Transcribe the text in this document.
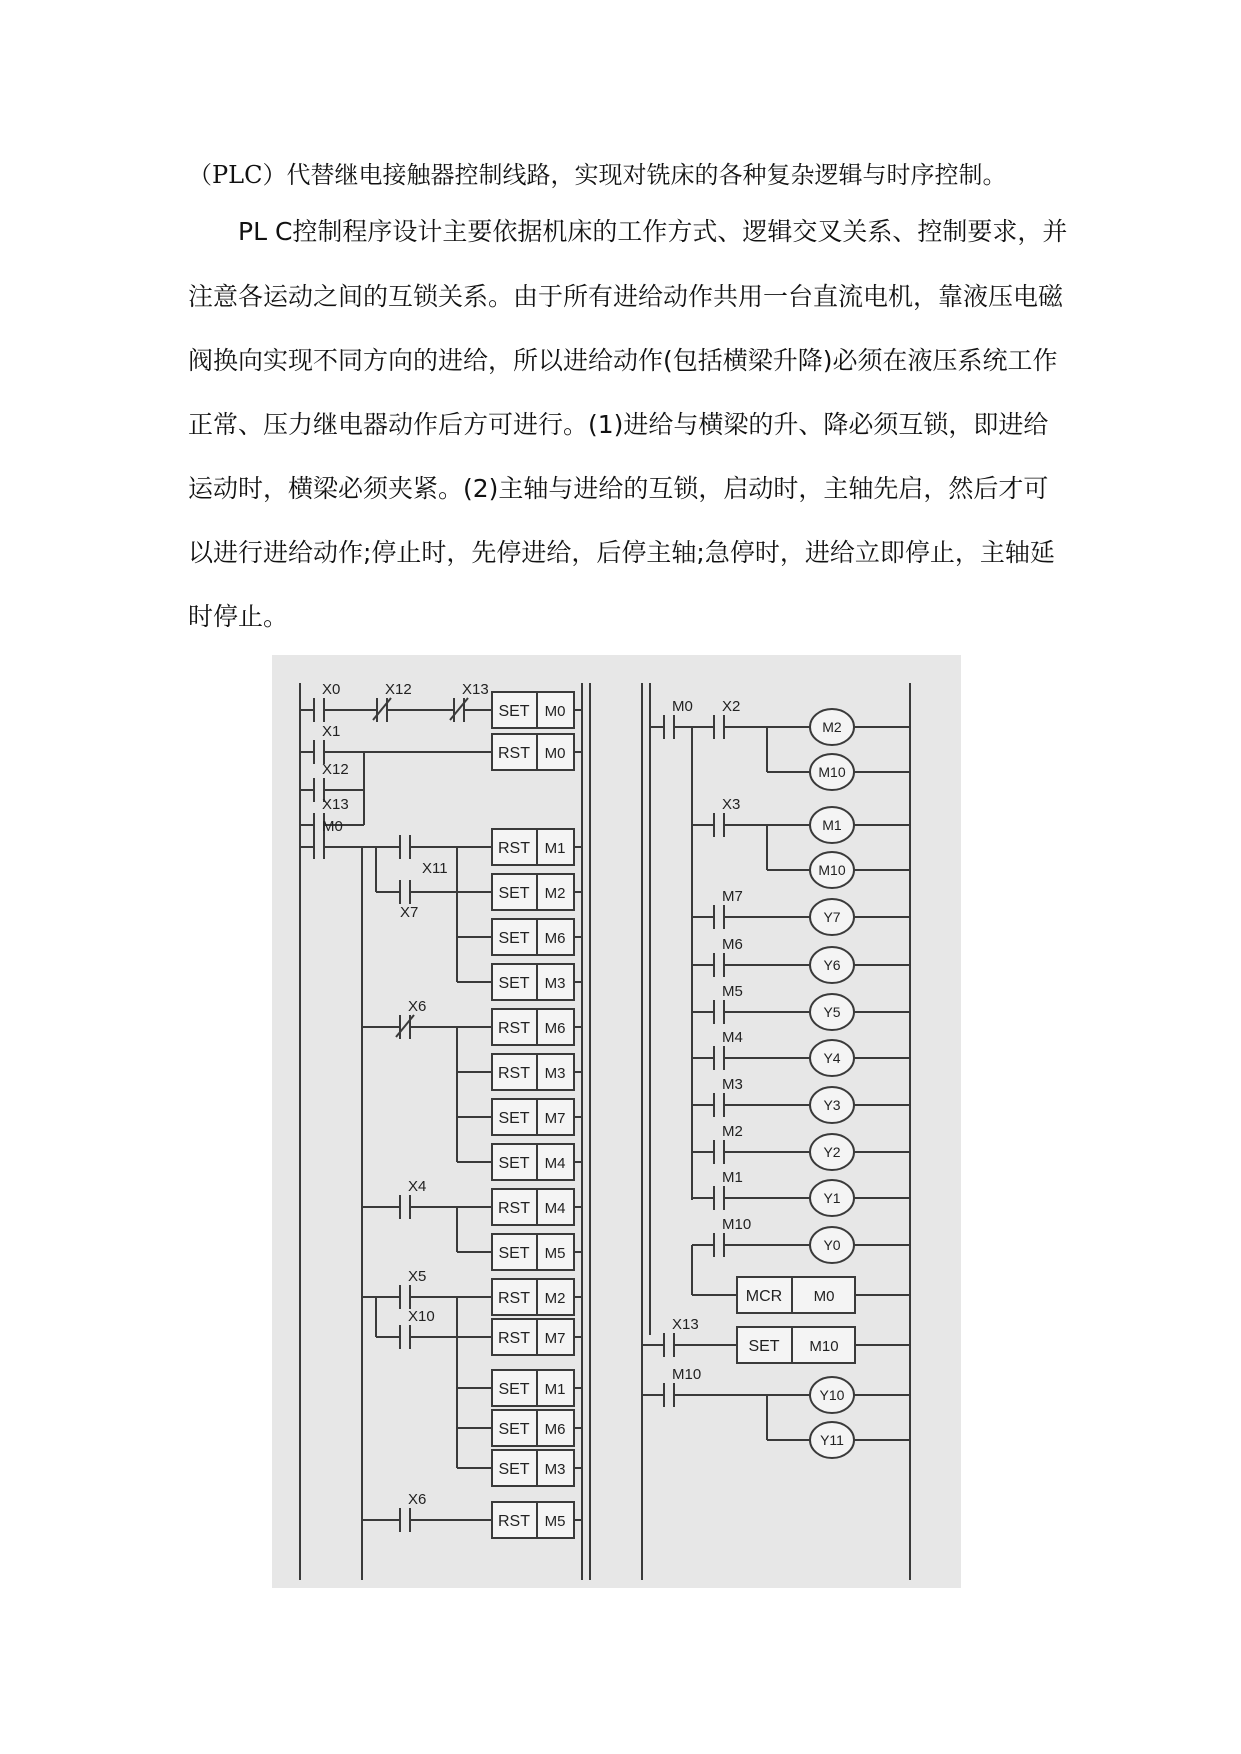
（PLC）代替继电接触器控制线路，实现对铣床的各种复杂逻辑与时序控制。

PL C控制程序设计主要依据机床的工作方式、逻辑交叉关系、控制要求，并

注意各运动之间的互锁关系。由于所有进给动作共用一台直流电机，靠液压电磁

阀换向实现不同方向的进给，所以进给动作(包括横梁升降)必须在液压系统工作

正常、压力继电器动作后方可进行。(1)进给与横梁的升、降必须互锁，即进给

运动时，横梁必须夹紧。(2)主轴与进给的互锁，启动时，主轴先启，然后才可

以进行进给动作;停止时，先停进给，后停主轴;急停时，进给立即停止，主轴延

时停止。

X0	X12	X13
SET M0
X1
RST M0
X12
X13
M0
X11
X7
RST M1
SET M2
SET M6
SET M3
X6
RST M6
RST M3
SET M7
SET M4
X4
RST M4
SET M5
X5
X10
RST M2
RST M7
SET M1
SET M6
SET M3
X6
RST M5
M0 X2
M2
M10
X3
M1
M10
M7
Y7
M6
Y6
M5
Y5
M4
Y4
M3
Y3
M2
Y2
M1
Y1
M10
Y0
MCR M0
X13
SET M10
M10
Y10
Y11
